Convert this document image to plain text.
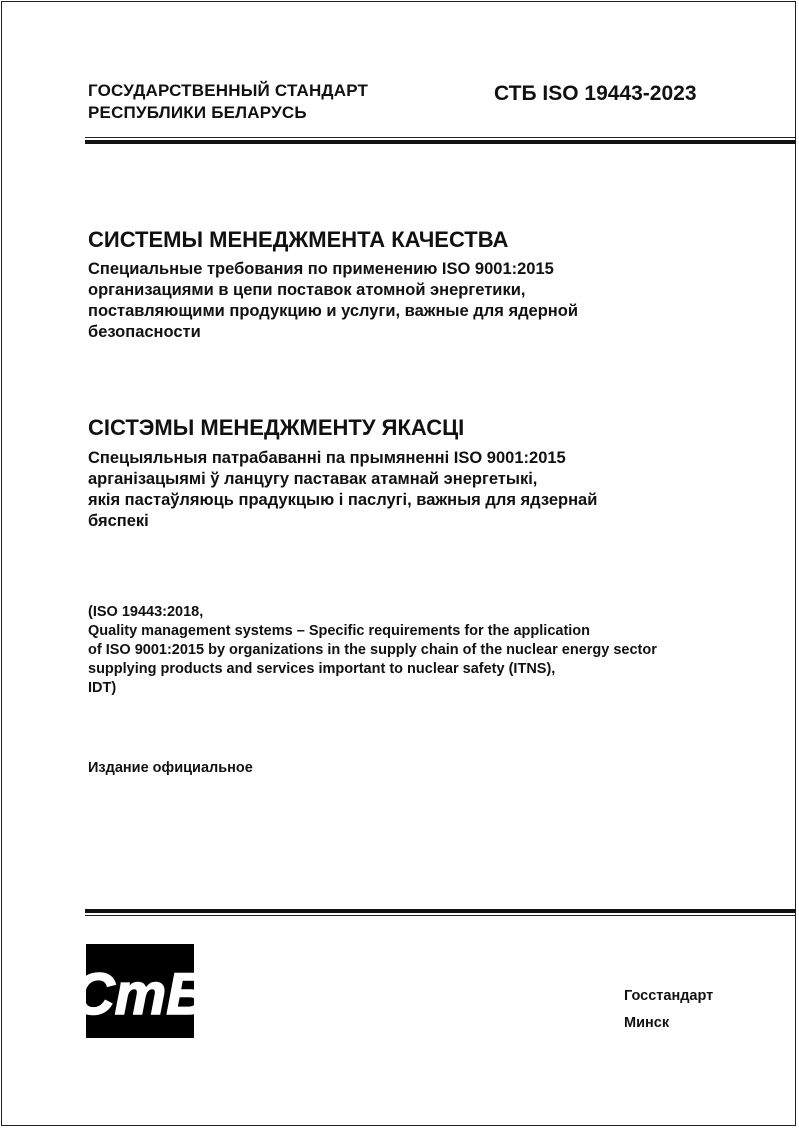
ГОСУДАРСТВЕННЫЙ СТАНДАРТ
РЕСПУБЛИКИ БЕЛАРУСЬ
СТБ ISO 19443-2023
СИСТЕМЫ МЕНЕДЖМЕНТА КАЧЕСТВА
Специальные требования по применению ISO 9001:2015
организациями в цепи поставок атомной энергетики,
поставляющими продукцию и услуги, важные для ядерной
безопасности
СІСТЭМЫ МЕНЕДЖМЕНТУ ЯКАСЦІ
Спецыяльныя патрабаванні па прымяненні ISO 9001:2015
арганізацыямі ў ланцугу паставак атамнай энергетыкі,
якія пастаўляюць прадукцыю і паслугі, важныя для ядзернай
бяспекі
(ISO 19443:2018,
Quality management systems – Specific requirements for the application
of ISO 9001:2015 by organizations in the supply chain of the nuclear energy sector
supplying products and services important to nuclear safety (ITNS),
IDT)
Издание официальное
СтБ	Госстандарт
Минск
